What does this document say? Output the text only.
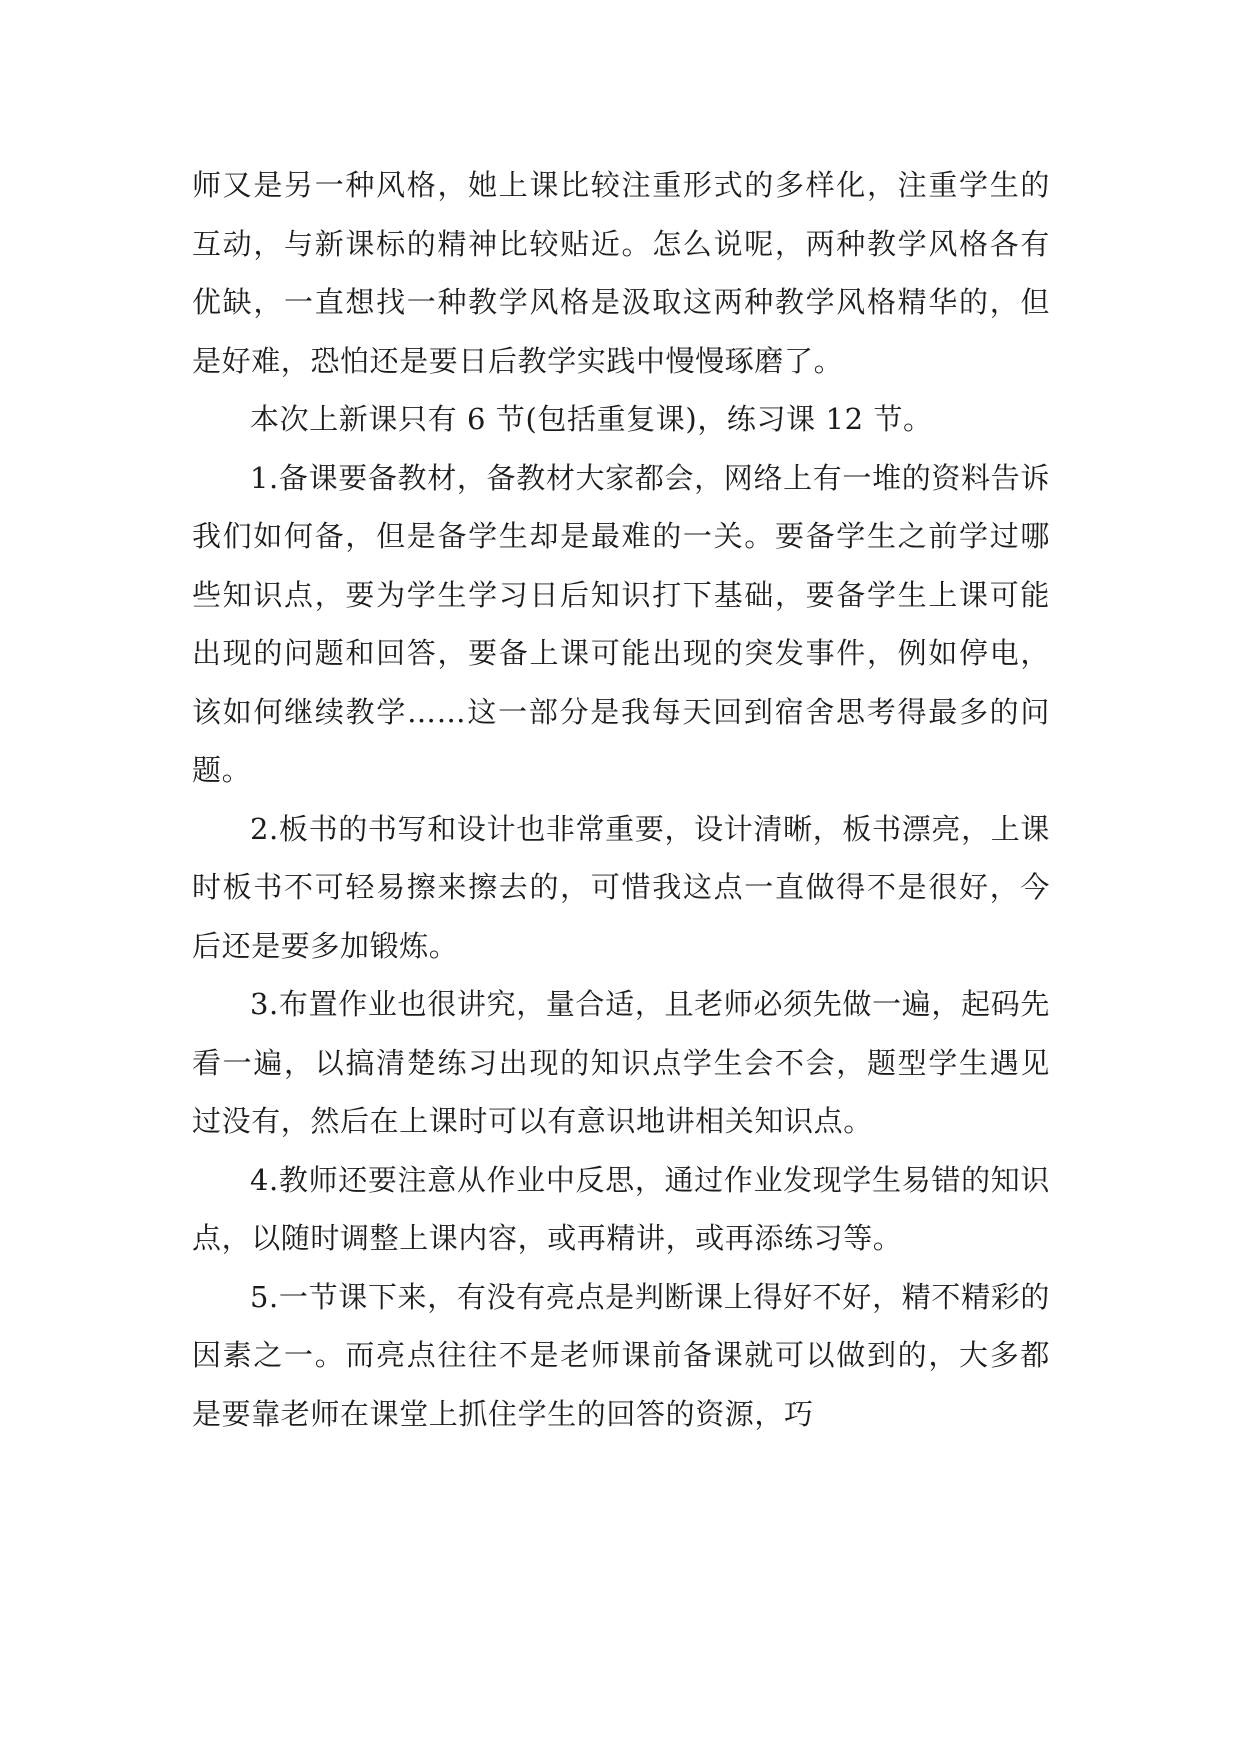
师又是另一种风格，她上课比较注重形式的多样化，注重学生的互动，与新课标的精神比较贴近。怎么说呢，两种教学风格各有优缺，一直想找一种教学风格是汲取这两种教学风格精华的，但是好难，恐怕还是要日后教学实践中慢慢琢磨了。

本次上新课只有 6 节(包括重复课)，练习课 12 节。

1.备课要备教材，备教材大家都会，网络上有一堆的资料告诉我们如何备，但是备学生却是最难的一关。要备学生之前学过哪些知识点，要为学生学习日后知识打下基础，要备学生上课可能出现的问题和回答，要备上课可能出现的突发事件，例如停电，该如何继续教学……这一部分是我每天回到宿舍思考得最多的问题。

2.板书的书写和设计也非常重要，设计清晰，板书漂亮，上课时板书不可轻易擦来擦去的，可惜我这点一直做得不是很好，今后还是要多加锻炼。

3.布置作业也很讲究，量合适，且老师必须先做一遍，起码先看一遍，以搞清楚练习出现的知识点学生会不会，题型学生遇见过没有，然后在上课时可以有意识地讲相关知识点。

4.教师还要注意从作业中反思，通过作业发现学生易错的知识点，以随时调整上课内容，或再精讲，或再添练习等。

5.一节课下来，有没有亮点是判断课上得好不好，精不精彩的因素之一。而亮点往往不是老师课前备课就可以做到的，大多都是要靠老师在课堂上抓住学生的回答的资源，巧
